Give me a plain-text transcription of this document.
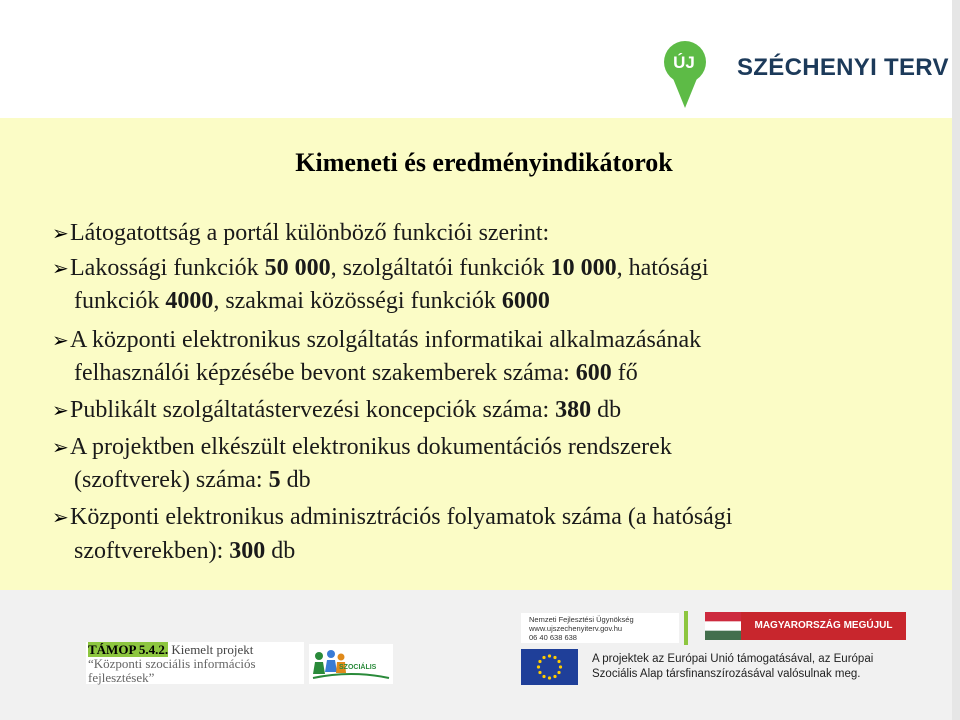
ÚJ	SZÉCHENYI TERV
Kimeneti és eredményindikátorok
➢Látogatottság a portál különböző funkciói szerint:
➢Lakossági funkciók 50 000, szolgáltatói funkciók 10 000, hatósági
funkciók 4000, szakmai közösségi funkciók 6000
➢A központi elektronikus szolgáltatás informatikai alkalmazásának
felhasználói képzésébe bevont szakemberek száma: 600 fő
➢Publikált szolgáltatástervezési koncepciók száma: 380 db
➢A projektben elkészült elektronikus dokumentációs rendszerek
(szoftverek) száma: 5 db
➢Központi elektronikus adminisztrációs folyamatok száma (a hatósági
szoftverekben): 300 db
TÁMOP 5.4.2. Kiemelt projekt
“Központi szociális információs
fejlesztések”
SZOCIÁLIS
Nemzeti Fejlesztési Ügynökség
www.ujszechenyiterv.gov.hu
06 40 638 638
MAGYARORSZÁG MEGÚJUL
A projektek az Európai Unió támogatásával, az Európai
Szociális Alap társfinanszírozásával valósulnak meg.
